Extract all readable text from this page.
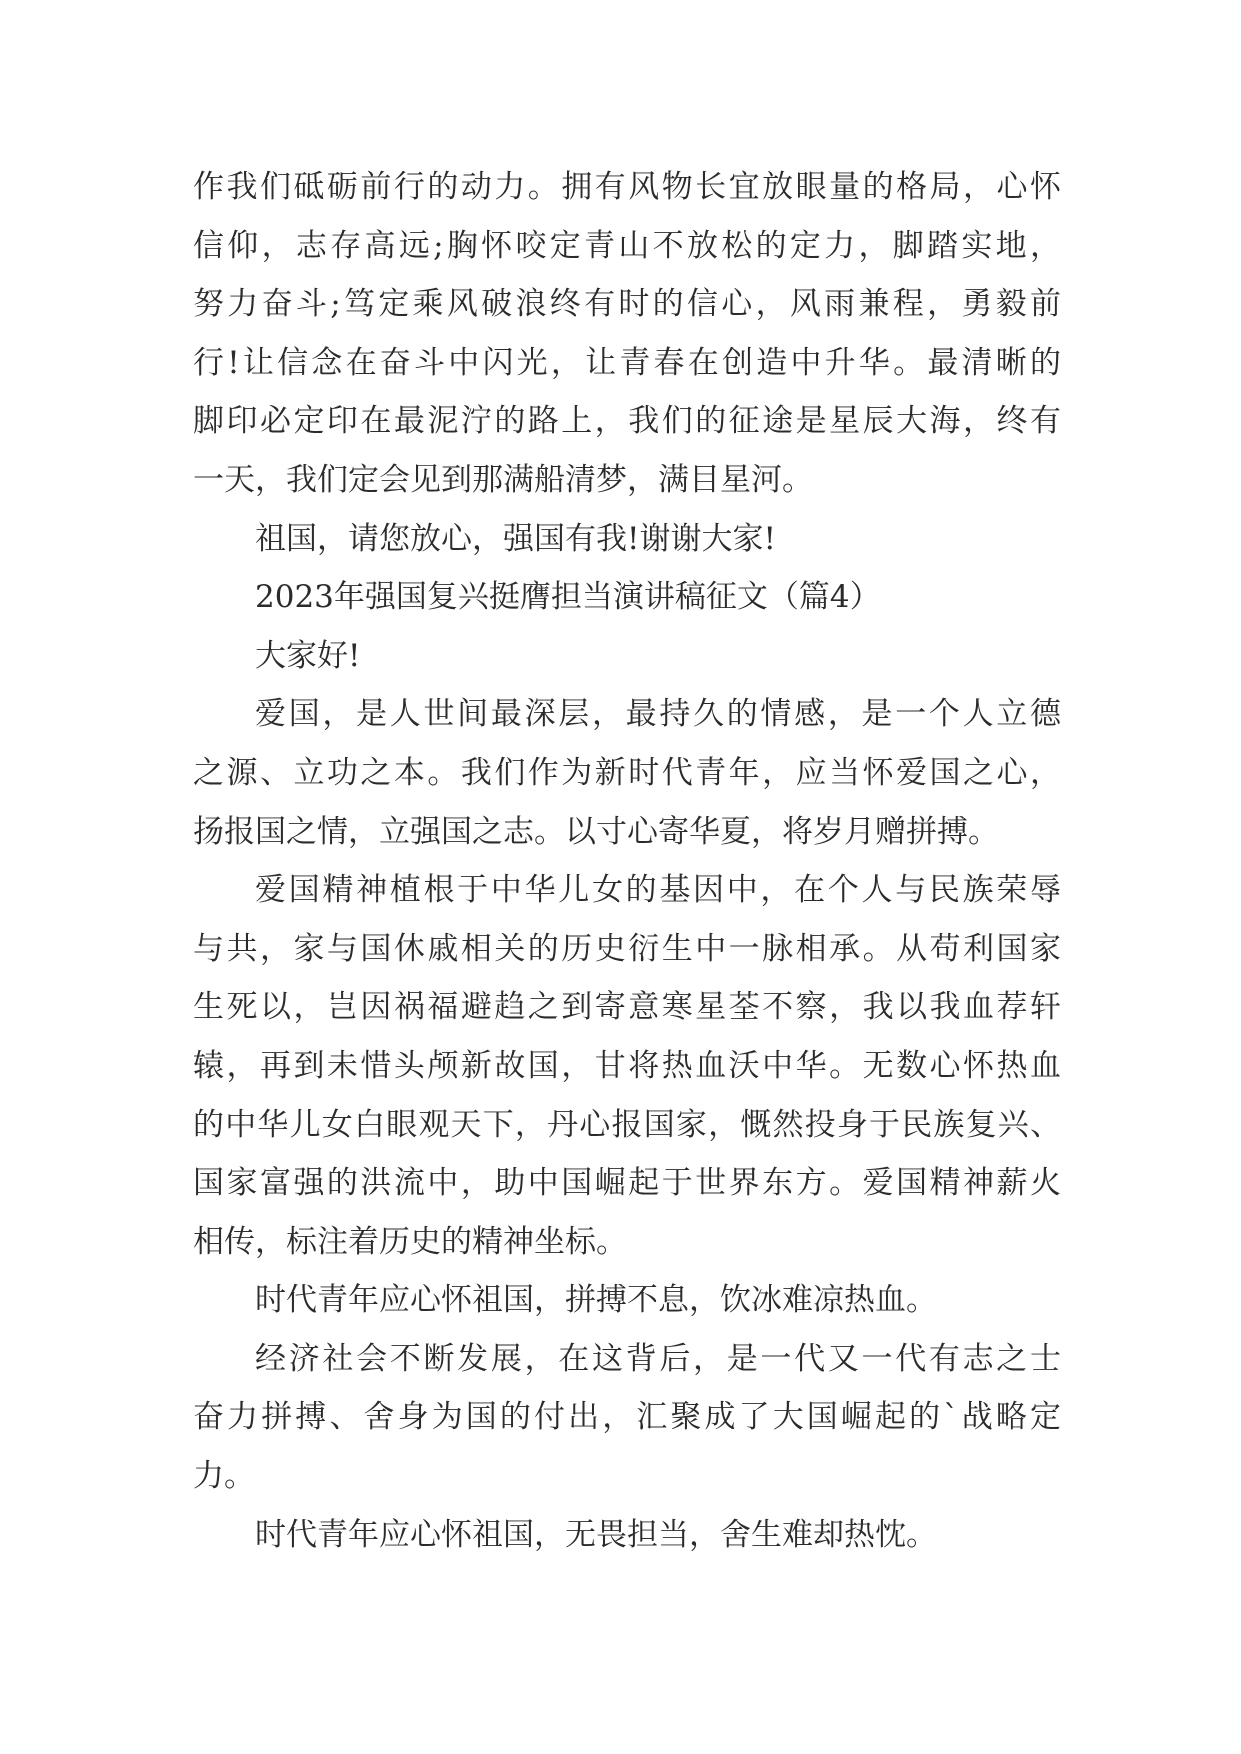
作我们砥砺前行的动力。拥有风物长宜放眼量的格局，心怀
信仰，志存高远;胸怀咬定青山不放松的定力，脚踏实地，
努力奋斗;笃定乘风破浪终有时的信心，风雨兼程，勇毅前
行!让信念在奋斗中闪光，让青春在创造中升华。最清晰的
脚印必定印在最泥泞的路上，我们的征途是星辰大海，终有
一天，我们定会见到那满船清梦，满目星河。
祖国，请您放心，强国有我!谢谢大家!
2023年强国复兴挺膺担当演讲稿征文（篇4）
大家好!
爱国，是人世间最深层，最持久的情感，是一个人立德
之源、立功之本。我们作为新时代青年，应当怀爱国之心，
扬报国之情，立强国之志。以寸心寄华夏，将岁月赠拼搏。
爱国精神植根于中华儿女的基因中，在个人与民族荣辱
与共，家与国休戚相关的历史衍生中一脉相承。从苟利国家
生死以，岂因祸福避趋之到寄意寒星荃不察，我以我血荐轩
辕，再到未惜头颅新故国，甘将热血沃中华。无数心怀热血
的中华儿女白眼观天下，丹心报国家，慨然投身于民族复兴、
国家富强的洪流中，助中国崛起于世界东方。爱国精神薪火
相传，标注着历史的精神坐标。
时代青年应心怀祖国，拼搏不息，饮冰难凉热血。
经济社会不断发展，在这背后，是一代又一代有志之士
奋力拼搏、舍身为国的付出，汇聚成了大国崛起的`战略定
力。
时代青年应心怀祖国，无畏担当，舍生难却热忱。
